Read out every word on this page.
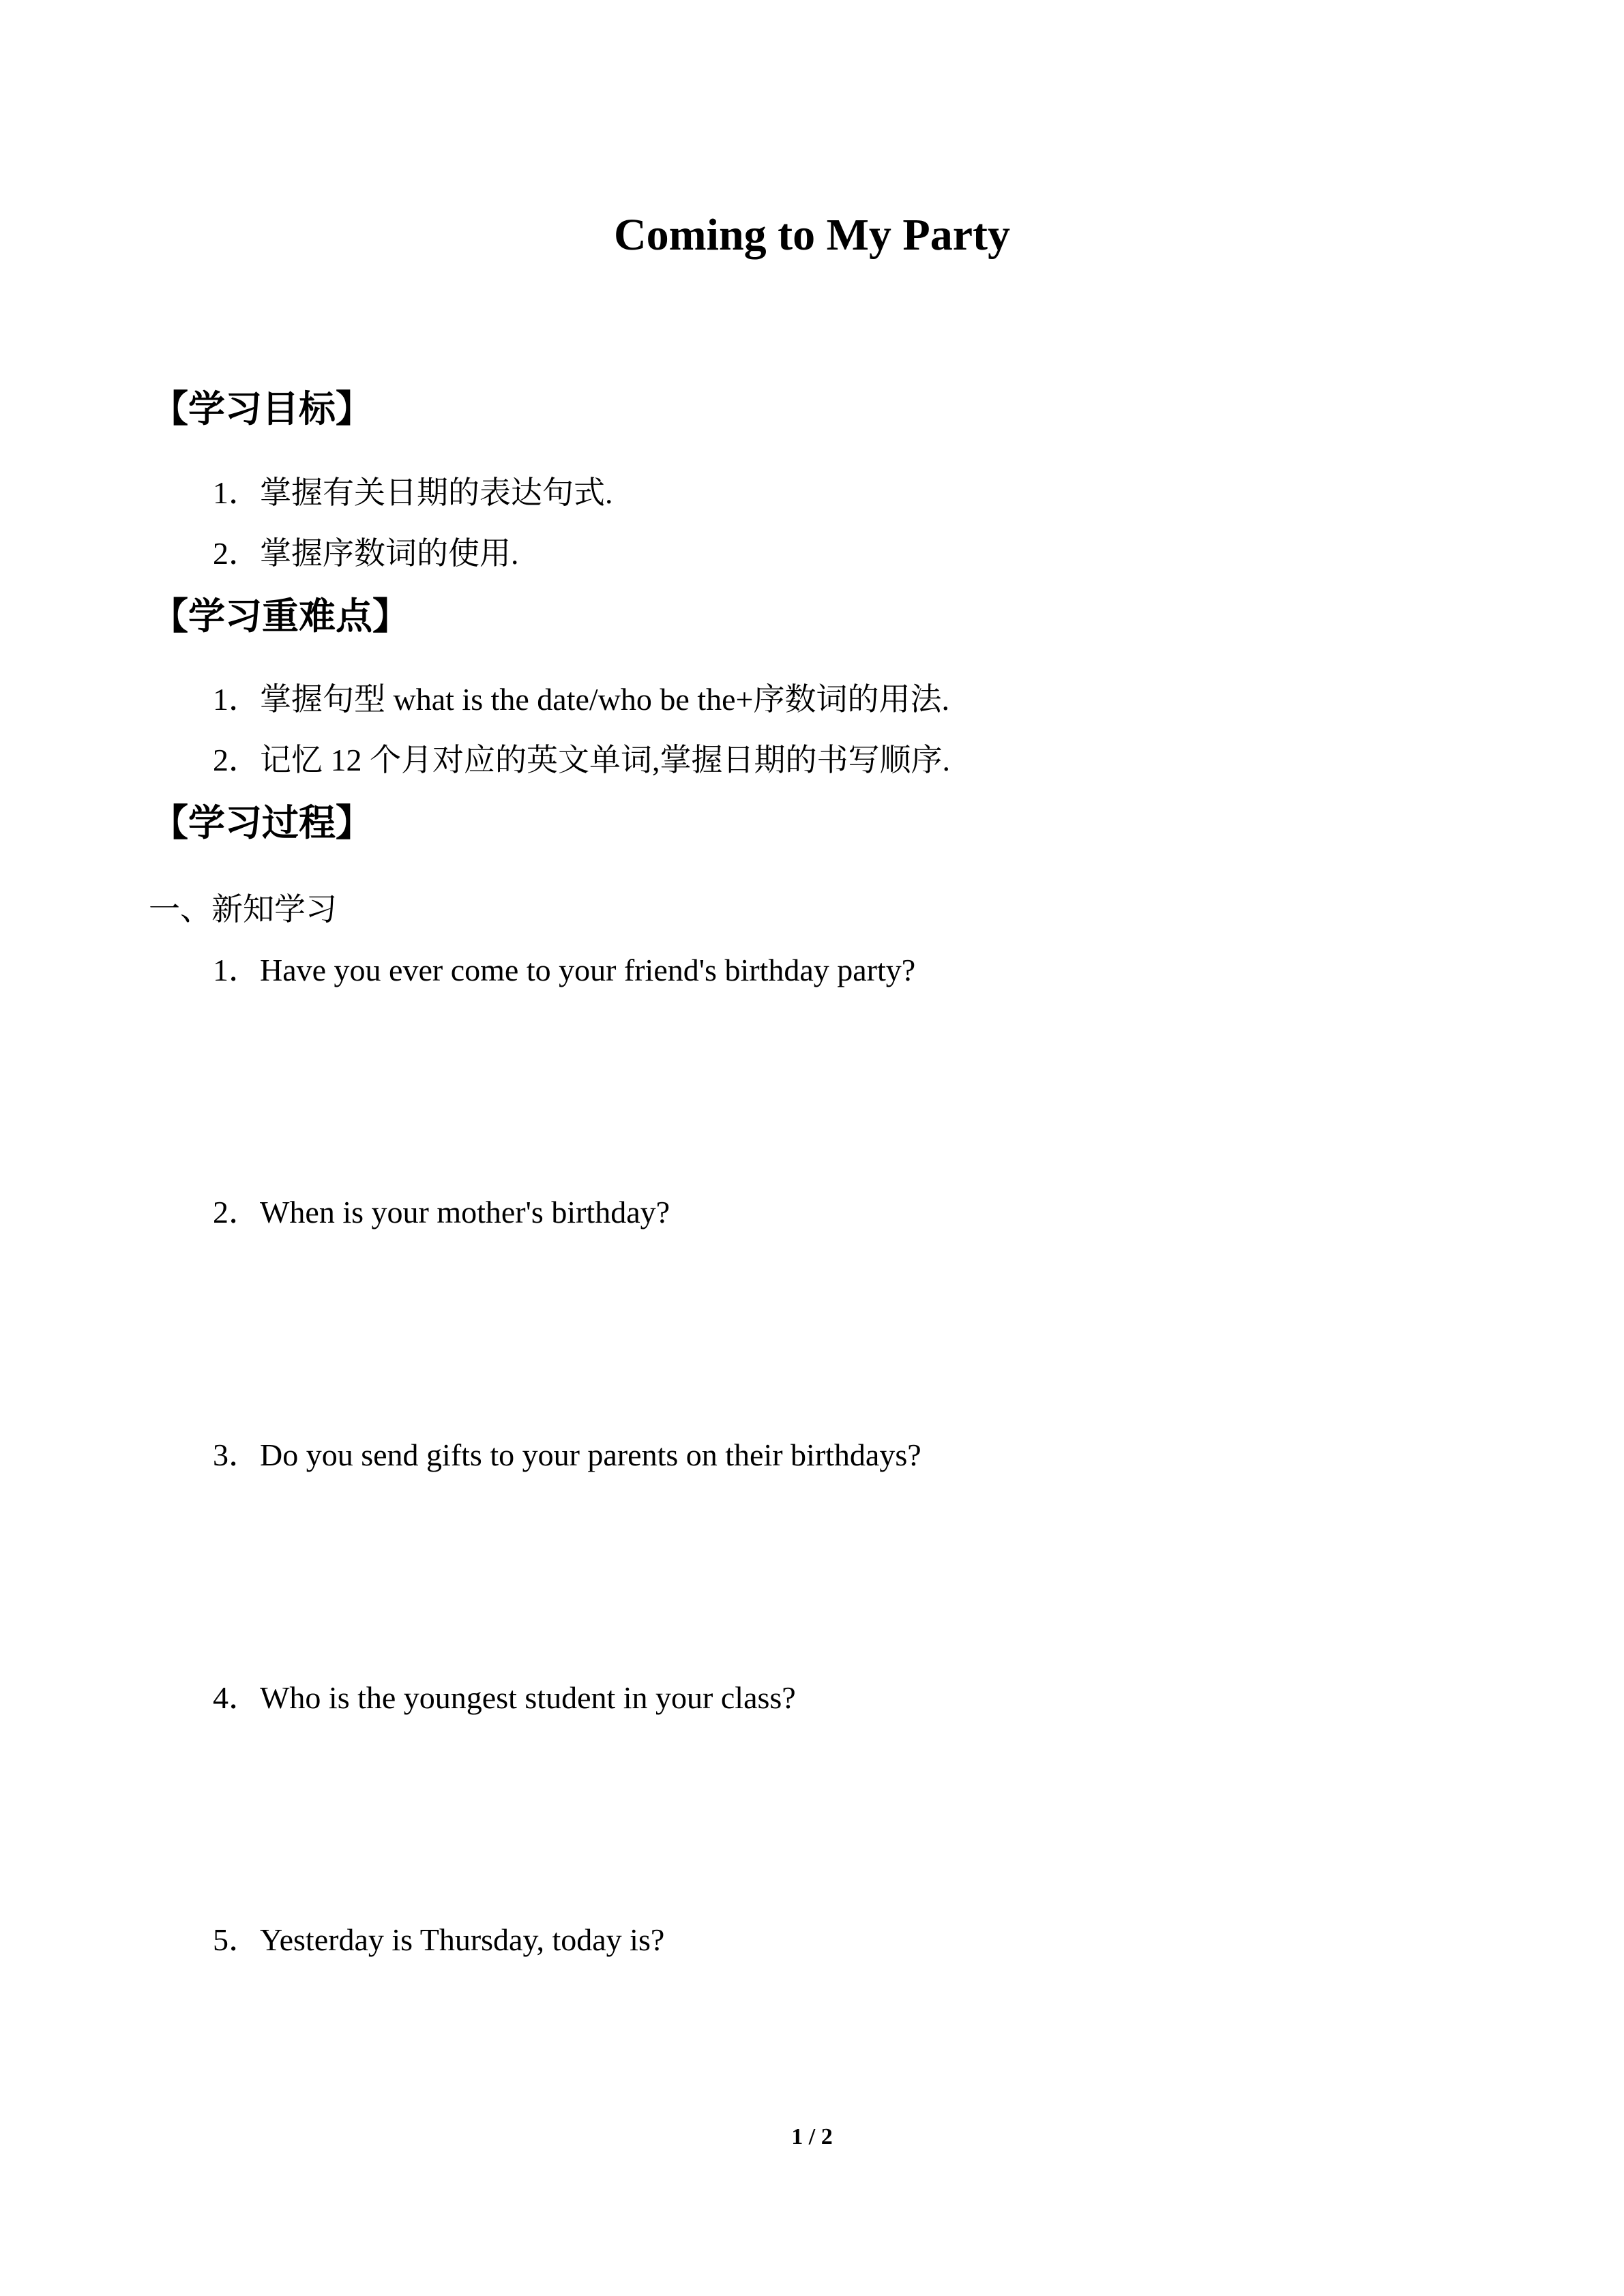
Coming to My Party
【学习目标】
1．掌握有关日期的表达句式.
2．掌握序数词的使用.
【学习重难点】
1．掌握句型 what is the date/who be the+序数词的用法.
2．记忆 12 个月对应的英文单词,掌握日期的书写顺序.
【学习过程】
一、新知学习
1．Have you ever come to your friend's birthday party?
2．When is your mother's birthday?
3．Do you send gifts to your parents on their birthdays?
4．Who is the youngest student in your class?
5．Yesterday is Thursday, today is?
1 / 2
